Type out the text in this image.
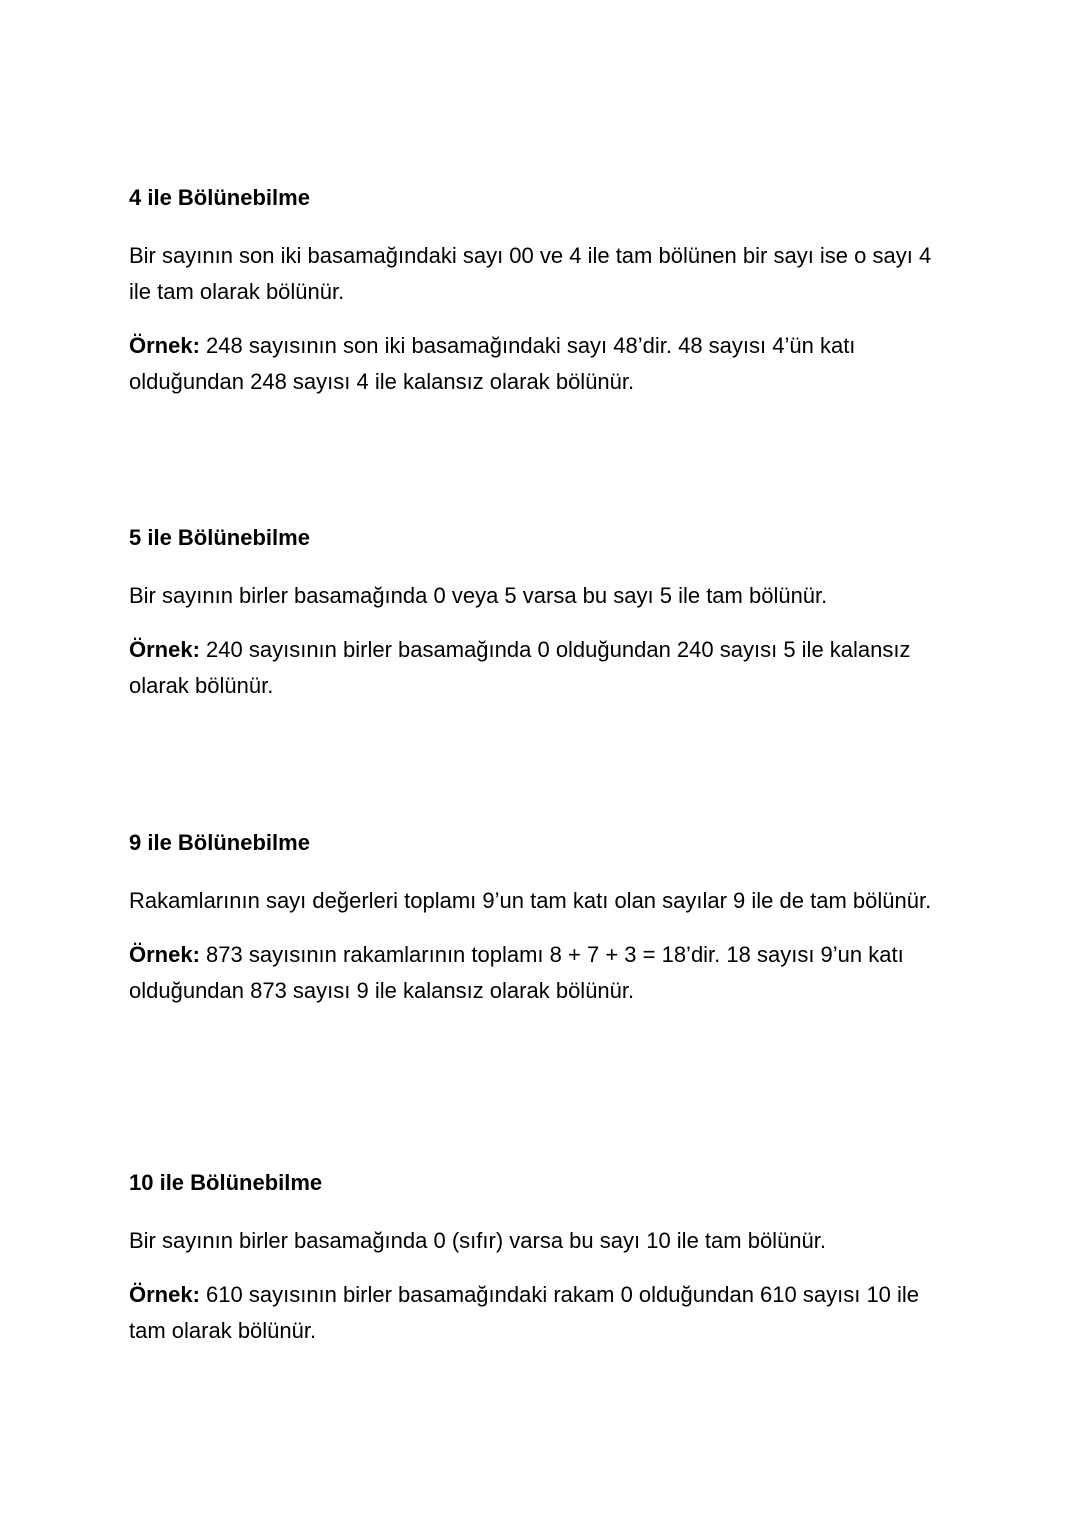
4 ile Bölünebilme

Bir sayının son iki basamağındaki sayı 00 ve 4 ile tam bölünen bir sayı ise o sayı 4 ile tam olarak bölünür.

Örnek: 248 sayısının son iki basamağındaki sayı 48’dir. 48 sayısı 4’ün katı olduğundan 248 sayısı 4 ile kalansız olarak bölünür.

5 ile Bölünebilme

Bir sayının birler basamağında 0 veya 5 varsa bu sayı 5 ile tam bölünür.

Örnek: 240 sayısının birler basamağında 0 olduğundan 240 sayısı 5 ile kalansız olarak bölünür.

9 ile Bölünebilme

Rakamlarının sayı değerleri toplamı 9’un tam katı olan sayılar 9 ile de tam bölünür.

Örnek: 873 sayısının rakamlarının toplamı 8 + 7 + 3 = 18’dir. 18 sayısı 9’un katı olduğundan 873 sayısı 9 ile kalansız olarak bölünür.

10 ile Bölünebilme

Bir sayının birler basamağında 0 (sıfır) varsa bu sayı 10 ile tam bölünür.

Örnek: 610 sayısının birler basamağındaki rakam 0 olduğundan 610 sayısı 10 ile tam olarak bölünür.
